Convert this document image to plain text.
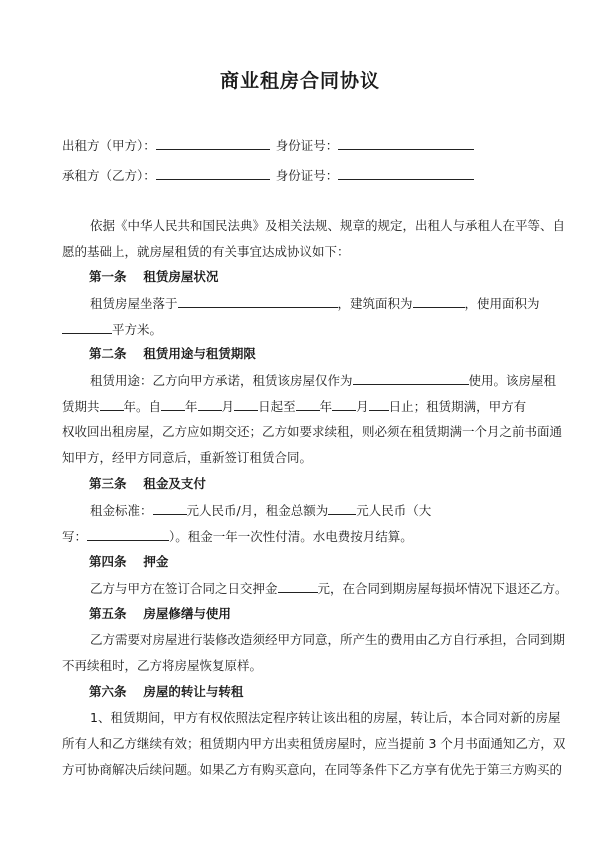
商业租房合同协议
出租方（甲方）：	身份证号：
承租方（乙方）：	身份证号：
依据《中华人民共和国民法典》及相关法规、规章的规定，出租人与承租人在平等、自
愿的基础上，就房屋租赁的有关事宜达成协议如下：
第一条　 租赁房屋状况
租赁房屋坐落于	，建筑面积为	，使用面积为
平方米。
第二条　 租赁用途与租赁期限
租赁用途：乙方向甲方承诺，租赁该房屋仅作为	使用。该房屋租
赁期共 年。自 年 月 日起至 年 月 日止；租赁期满，甲方有
权收回出租房屋，乙方应如期交还；乙方如要求续租，则必须在租赁期满一个月之前书面通
知甲方，经甲方同意后，重新签订租赁合同。
第三条　 租金及支付
租金标准：	元人民币/月，租金总额为 元人民币（大
写：	）。租金一年一次性付清。水电费按月结算。
第四条　 押金
乙方与甲方在签订合同之日交押金	元，在合同到期房屋每损坏情况下退还乙方。
第五条　 房屋修缮与使用
乙方需要对房屋进行装修改造须经甲方同意，所产生的费用由乙方自行承担，合同到期
不再续租时，乙方将房屋恢复原样。
第六条　 房屋的转让与转租
1、租赁期间，甲方有权依照法定程序转让该出租的房屋，转让后，本合同对新的房屋
所有人和乙方继续有效；租赁期内甲方出卖租赁房屋时，应当提前 3 个月书面通知乙方，双
方可协商解决后续问题。如果乙方有购买意向，在同等条件下乙方享有优先于第三方购买的
